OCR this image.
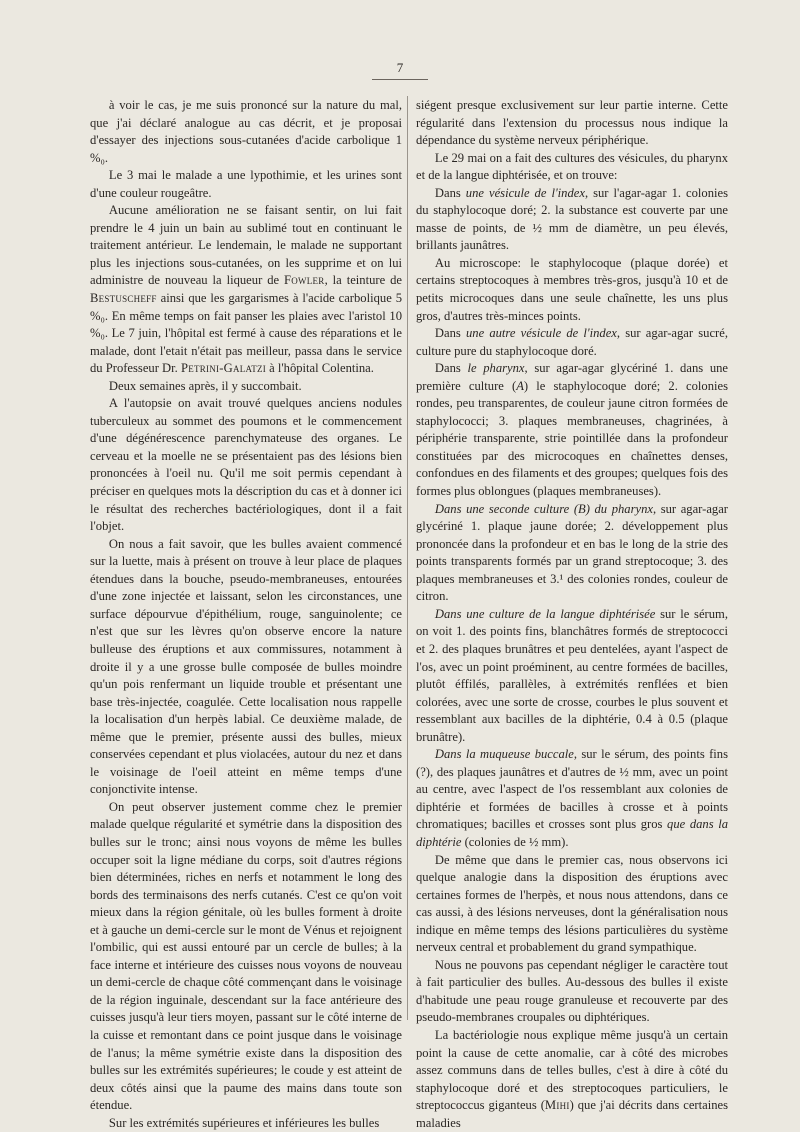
7

à voir le cas, je me suis prononcé sur la nature du mal, que j'ai déclaré analogue au cas décrit, et je proposai d'essayer des injections sous-cutanées d'acide carbolique 1 %₀.

Le 3 mai le malade a une lypothimie, et les urines sont d'une couleur rougeâtre.

Aucune amélioration ne se faisant sentir, on lui fait prendre le 4 juin un bain au sublimé tout en continuant le traitement antérieur. Le lendemain, le malade ne supportant plus les injections sous-cutanées, on les supprime et on lui administre de nouveau la liqueur de Fowler, la teinture de Bestuscheff ainsi que les gargarismes à l'acide carbolique 5 %₀. En même temps on fait panser les plaies avec l'aristol 10 %₀. Le 7 juin, l'hôpital est fermé à cause des réparations et le malade, dont l'etait n'était pas meilleur, passa dans le service du Professeur Dr. Petrini-Galatzi à l'hôpital Colentina.

Deux semaines après, il y succombait.

A l'autopsie on avait trouvé quelques anciens nodules tuberculeux au sommet des poumons et le commencement d'une dégénérescence parenchymateuse des organes. Le cerveau et la moelle ne se présentaient pas des lésions bien prononcées à l'oeil nu. Qu'il me soit permis cependant à préciser en quelques mots la déscription du cas et à donner ici le résultat des recherches bactériologiques, dont il a fait l'objet.

On nous a fait savoir, que les bulles avaient commencé sur la luette, mais à présent on trouve à leur place de plaques étendues dans la bouche, pseudo-membraneuses, entourées d'une zone injectée et laissant, selon les circonstances, une surface dépourvue d'épithélium, rouge, sanguinolente; ce n'est que sur les lèvres qu'on observe encore la nature bulleuse des éruptions et aux commissures, notamment à droite il y a une grosse bulle composée de bulles moindre qu'un pois renfermant un liquide trouble et présentant une base très-injectée, coagulée. Cette localisation nous rappelle la localisation d'un herpès labial. Ce deuxième malade, de même que le premier, présente aussi des bulles, mieux conservées cependant et plus violacées, autour du nez et dans le voisinage de l'oeil atteint en même temps d'une conjonctivite intense.

On peut observer justement comme chez le premier malade quelque régularité et symétrie dans la disposition des bulles sur le tronc; ainsi nous voyons de même les bulles occuper soit la ligne médiane du corps, soit d'autres régions bien déterminées, riches en nerfs et notamment le long des bords des terminaisons des nerfs cutanés. C'est ce qu'on voit mieux dans la région génitale, où les bulles forment à droite et à gauche un demi-cercle sur le mont de Vénus et rejoignent l'ombilic, qui est aussi entouré par un cercle de bulles; à la face interne et intérieure des cuisses nous voyons de nouveau un demi-cercle de chaque côté commençant dans le voisinage de la région inguinale, descendant sur la face antérieure des cuisses jusqu'à leur tiers moyen, passant sur le côté interne de la cuisse et remontant dans ce point jusque dans le voisinage de l'anus; la même symétrie existe dans la disposition des bulles sur les extrémités supérieures; le coude y est atteint de deux côtés ainsi que la paume des mains dans toute son étendue.

Sur les extrémités supérieures et inférieures les bulles

siégent presque exclusivement sur leur partie interne. Cette régularité dans l'extension du processus nous indique la dépendance du système nerveux périphérique.

Le 29 mai on a fait des cultures des vésicules, du pharynx et de la langue diphtérisée, et on trouve:

Dans une vésicule de l'index, sur l'agar-agar 1. colonies du staphylocoque doré; 2. la substance est couverte par une masse de points, de ½ mm de diamètre, un peu élevés, brillants jaunâtres.

Au microscope: le staphylocoque (plaque dorée) et certains streptocoques à membres très-gros, jusqu'à 10 et de petits microcoques dans une seule chaînette, les uns plus gros, d'autres très-minces points.

Dans une autre vésicule de l'index, sur agar-agar sucré, culture pure du staphylocoque doré.

Dans le pharynx, sur agar-agar glycériné 1. dans une première culture (A) le staphylocoque doré; 2. colonies rondes, peu transparentes, de couleur jaune citron formées de staphylococci; 3. plaques membraneuses, chagrinées, à périphérie transparente, strie pointillée dans la profondeur constituées par des microcoques en chaînettes denses, confondues en des filaments et des groupes; quelques fois des formes plus oblongues (plaques membraneuses).

Dans une seconde culture (B) du pharynx, sur agar-agar glycériné 1. plaque jaune dorée; 2. développement plus prononcée dans la profondeur et en bas le long de la strie des points transparents formés par un grand streptocoque; 3. des plaques membraneuses et 3.¹ des colonies rondes, couleur de citron.

Dans une culture de la langue diphtérisée sur le sérum, on voit 1. des points fins, blanchâtres formés de streptococci et 2. des plaques brunâtres et peu dentelées, ayant l'aspect de l'os, avec un point proéminent, au centre formées de bacilles, plutôt éffilés, parallèles, à extrémités renflées et bien colorées, avec une sorte de crosse, courbes le plus souvent et ressemblant aux bacilles de la diphtérie, 0.4 à 0.5 (plaque brunâtre).

Dans la muqueuse buccale, sur le sérum, des points fins (?), des plaques jaunâtres et d'autres de ½ mm, avec un point au centre, avec l'aspect de l'os ressemblant aux colonies de diphtérie et formées de bacilles à crosse et à points chromatiques; bacilles et crosses sont plus gros que dans la diphtérie (colonies de ½ mm).

De même que dans le premier cas, nous observons ici quelque analogie dans la disposition des éruptions avec certaines formes de l'herpès, et nous nous attendons, dans ce cas aussi, à des lésions nerveuses, dont la généralisation nous indique en même temps des lésions particulières du système nerveux central et probablement du grand sympathique.

Nous ne pouvons pas cependant négliger le caractère tout à fait particulier des bulles. Au-dessous des bulles il existe d'habitude une peau rouge granuleuse et recouverte par des pseudo-membranes croupales ou diphtériques.

La bactériologie nous explique même jusqu'à un certain point la cause de cette anomalie, car à côté des microbes assez communs dans de telles bulles, c'est à dire à côté du staphylocoque doré et des streptocoques particuliers, le streptococcus giganteus (Mihi) que j'ai décrits dans certaines maladies
